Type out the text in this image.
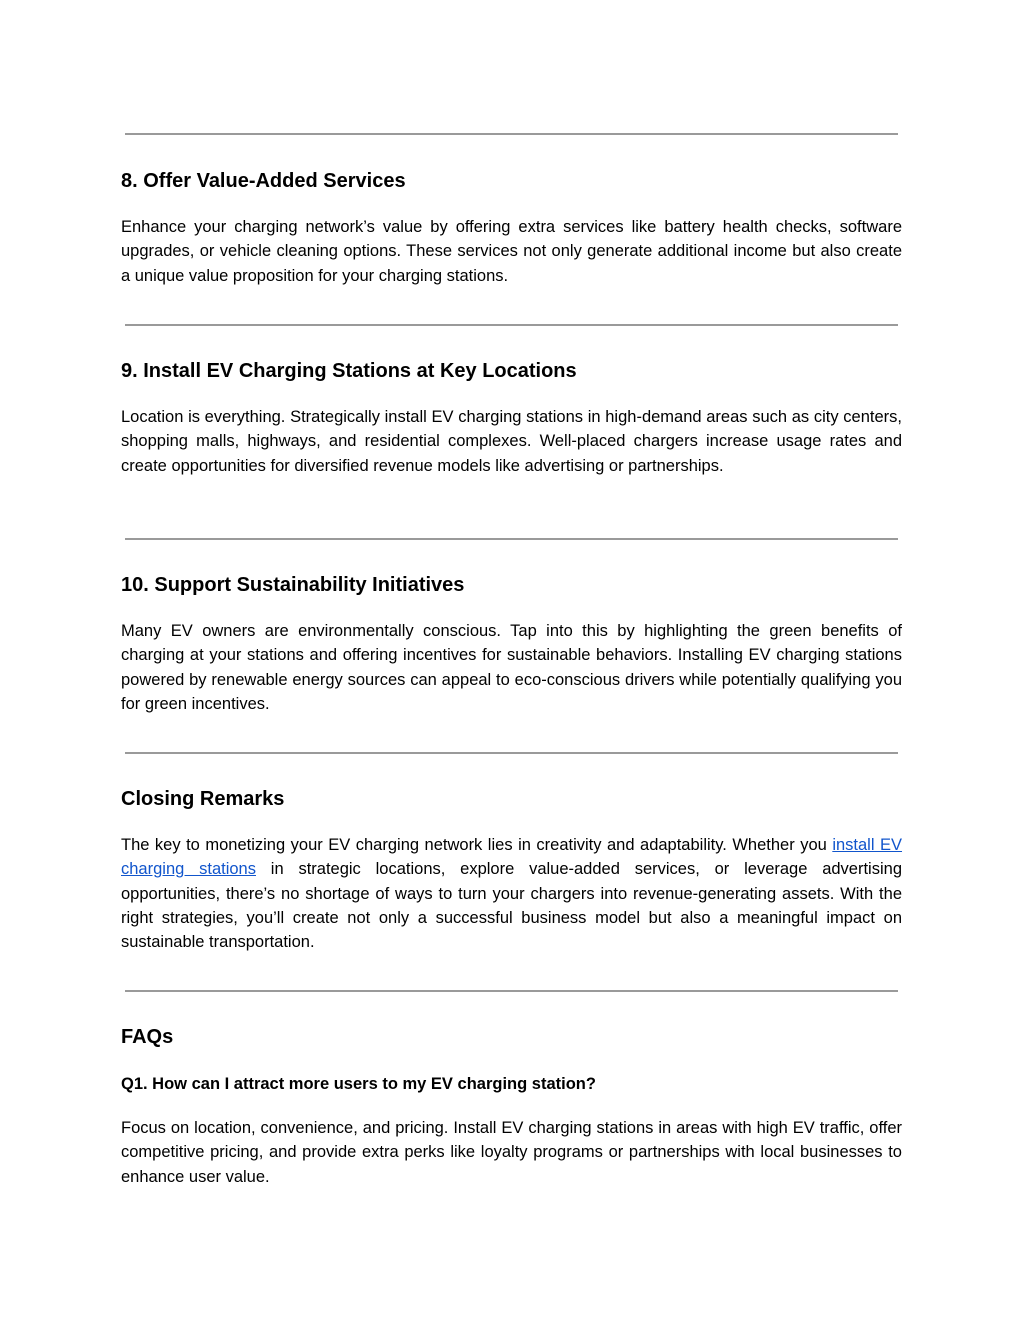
8. Offer Value-Added Services

Enhance your charging network’s value by offering extra services like battery health checks, software upgrades, or vehicle cleaning options. These services not only generate additional income but also create a unique value proposition for your charging stations.

9. Install EV Charging Stations at Key Locations

Location is everything. Strategically install EV charging stations in high-demand areas such as city centers, shopping malls, highways, and residential complexes. Well-placed chargers increase usage rates and create opportunities for diversified revenue models like advertising or partnerships.

10. Support Sustainability Initiatives

Many EV owners are environmentally conscious. Tap into this by highlighting the green benefits of charging at your stations and offering incentives for sustainable behaviors. Installing EV charging stations powered by renewable energy sources can appeal to eco-conscious drivers while potentially qualifying you for green incentives.

Closing Remarks

The key to monetizing your EV charging network lies in creativity and adaptability. Whether you install EV charging stations in strategic locations, explore value-added services, or leverage advertising opportunities, there’s no shortage of ways to turn your chargers into revenue-generating assets. With the right strategies, you’ll create not only a successful business model but also a meaningful impact on sustainable transportation.

FAQs
Q1. How can I attract more users to my EV charging station?

Focus on location, convenience, and pricing. Install EV charging stations in areas with high EV traffic, offer competitive pricing, and provide extra perks like loyalty programs or partnerships with local businesses to enhance user value.
